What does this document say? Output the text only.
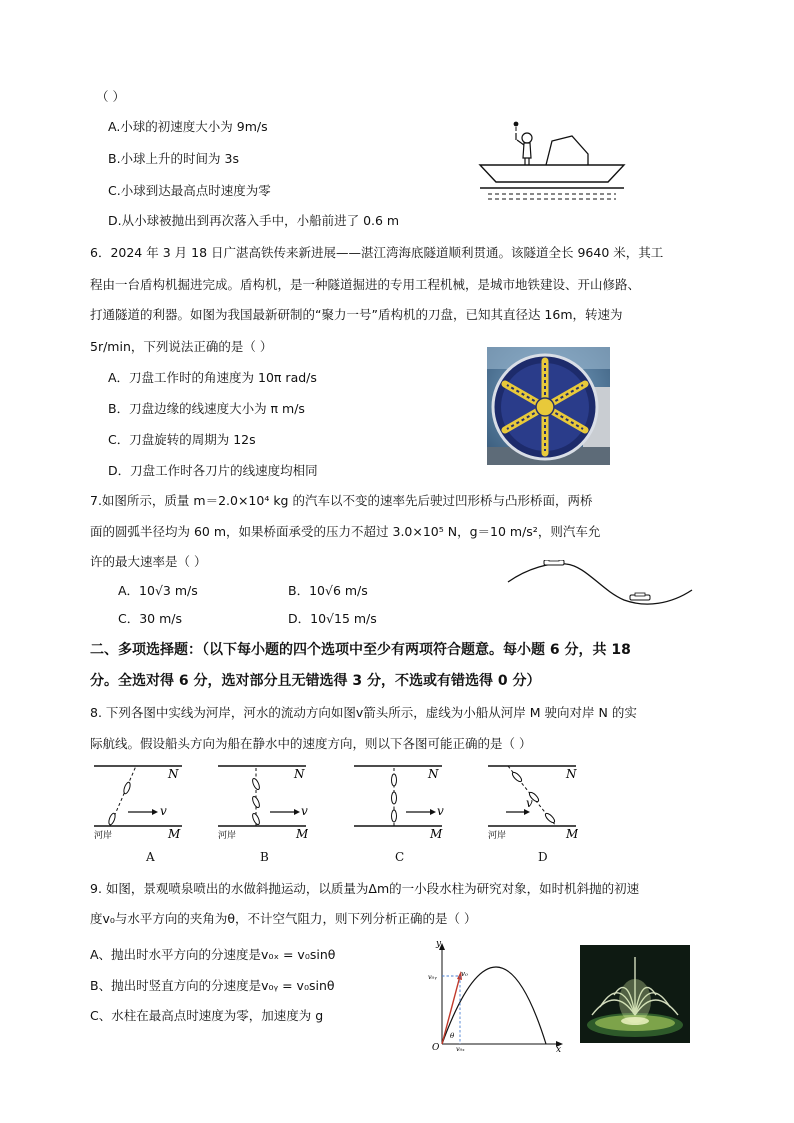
（ ）
A.小球的初速度大小为 9m/s
B.小球上升的时间为 3s
C.小球到达最高点时速度为零
D.从小球被抛出到再次落入手中，小船前进了 0.6 m
6．2024 年 3 月 18 日广湛高铁传来新进展——湛江湾海底隧道顺利贯通。该隧道全长 9640 米，其工
程由一台盾构机掘进完成。盾构机，是一种隧道掘进的专用工程机械，是城市地铁建设、开山修路、
打通隧道的利器。如图为我国最新研制的“聚力一号”盾构机的刀盘，已知其直径达 16m，转速为
5r/min，下列说法正确的是（ ）
A．刀盘工作时的角速度为 10π rad/s
B．刀盘边缘的线速度大小为 π m/s
C．刀盘旋转的周期为 12s
D．刀盘工作时各刀片的线速度均相同
7.如图所示，质量 m＝2.0×10⁴ kg 的汽车以不变的速率先后驶过凹形桥与凸形桥面，两桥
面的圆弧半径均为 60 m，如果桥面承受的压力不超过 3.0×10⁵ N，g＝10 m/s²，则汽车允
许的最大速率是（ ）
A．10√3 m/s	B．10√6 m/s
C．30 m/s	D．10√15 m/s
二、多项选择题：（以下每小题的四个选项中至少有两项符合题意。每小题 6 分，共 18
分。全选对得 6 分，选对部分且无错选得 3 分，不选或有错选得 0 分）
8. 下列各图中实线为河岸，河水的流动方向如图v箭头所示，虚线为小船从河岸 M 驶向对岸 N 的实
际航线。假设船头方向为船在静水中的速度方向，则以下各图可能正确的是（ ）
v
N
M
河岸
v
N
M
河岸
v
N
M
v
N
M
河岸
A	B	C	D
9. 如图，景观喷泉喷出的水做斜抛运动，以质量为Δm的一小段水柱为研究对象，如时机斜抛的初速
度v₀与水平方向的夹角为θ，不计空气阻力，则下列分析正确的是（ ）
A、抛出时水平方向的分速度是v₀ₓ = v₀sinθ
B、抛出时竖直方向的分速度是v₀ᵧ = v₀sinθ
C、水柱在最高点时速度为零，加速度为 g
y
x
O
v₀
v₀ᵧ
v₀ₓ
θ
